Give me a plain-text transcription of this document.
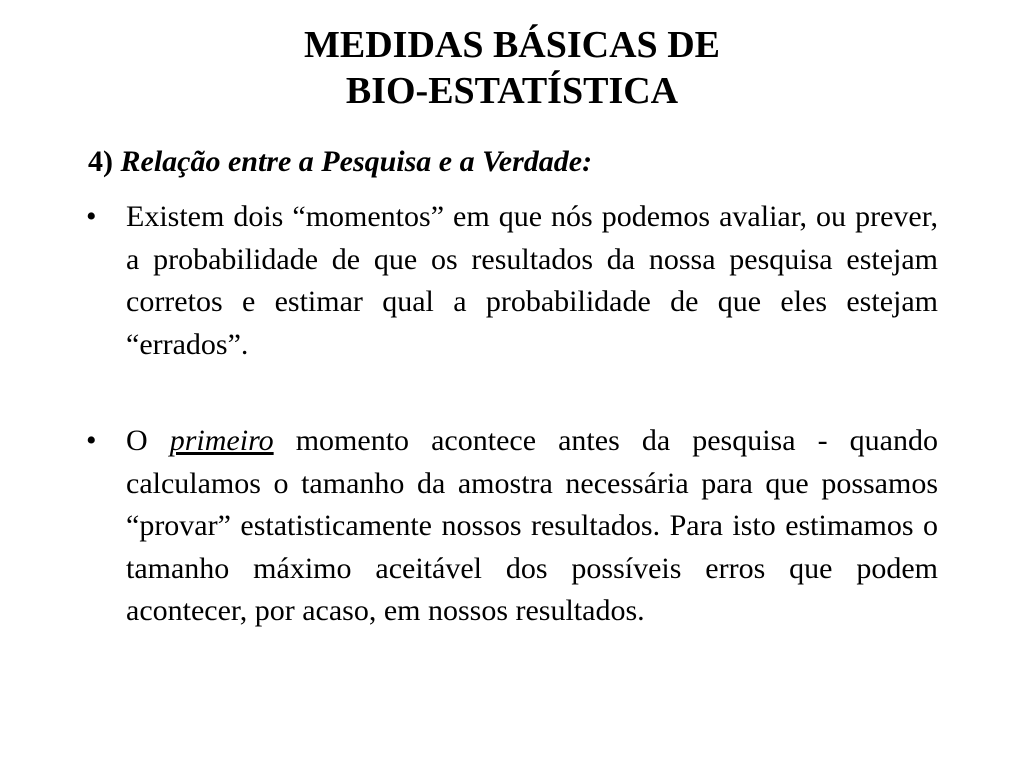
MEDIDAS BÁSICAS DE
BIO-ESTATÍSTICA
4) Relação entre a Pesquisa e a Verdade:
• Existem dois “momentos” em que nós podemos avaliar, ou prever, a probabilidade de que os resultados da nossa pesquisa estejam corretos e estimar qual a probabilidade de que eles estejam “errados”.
• O primeiro momento acontece antes da pesquisa - quando calculamos o tamanho da amostra necessária para que possamos “provar” estatisticamente nossos resultados. Para isto estimamos o tamanho máximo aceitável dos possíveis erros que podem acontecer, por acaso, em nossos resultados.
